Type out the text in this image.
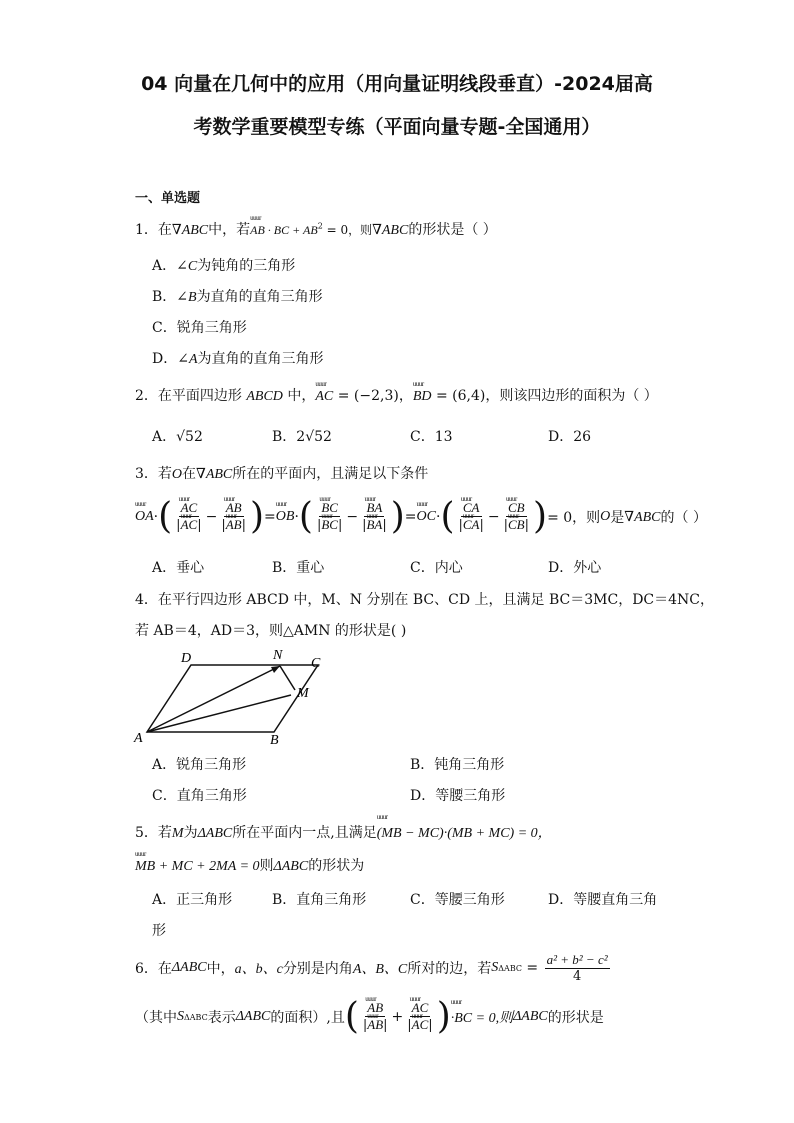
04 向量在几何中的应用（用向量证明线段垂直）-2024届高
考数学重要模型专练（平面向量专题-全国通用）
一、单选题
1．在∇ABC中，若uuur AB · BC + $AB^2 = 0$，则∇ABC的形状是（ ）
A．∠C为钝角的三角形
B．∠B为直角的直角三角形
C．锐角三角形
D．∠A为直角的直角三角形
2．在平面四边形 ABCD 中，uuur AC = (−2,3)，uuur BD = (6,4)，则该四边形的面积为（ ）
A．√52	B．2√52	C．13	D．26
3．若O在∇ABC所在的平面内，且满足以下条件
uuur OA · ( uuur $\frac{AC}{\text{|uuur AC|}}$ − uuur $\frac{AB}{\text{|uuur AB|}}$ ) = uuur OB · ( uuur $\frac{BC}{\text{|uuur BC|}}$ − uuur $\frac{BA}{\text{|uuur BA|}}$ ) = uuur OC · ( uuur $\frac{CA}{\text{|uuur CA|}}$ − uuur $\frac{CB}{\text{|uuur CB|}}$ ) = 0，则 O 是 ∇ABC 的（ ）
A．垂心	B．重心	C．内心	D．外心
4．在平行四边形 ABCD 中，M、N 分别在 BC、CD 上，且满足 BC＝3MC，DC＝4NC，
若 AB＝4，AD＝3，则△AMN 的形状是( )
A	B
C
D
M
N
A．锐角三角形	B．钝角三角形
C．直角三角形	D．等腰三角形
5．若M为ΔABC所在平面内一点,且满足uuur (MB − MC)·(MB + MC) = 0，
uuur MB + MC + 2MA = 0则ΔABC的形状为
A．正三角形	B．直角三角形	C．等腰三角形	D．等腰直角三角
形
6．在 ΔABC 中， a、b、c 分别是内角 A、B、C 所对的边，若 S $\Delta ABC = \frac{\text{a² + b² − c²}}{4}$
（其中 S ΔABC 表示 ΔABC 的面积）,且 ( uuur $\frac{AB}{\text{|uuur AB|}}$ + uuur $\frac{AC}{\text{|uuur AC|}}$ ) uuur ·BC = 0,则 ΔABC 的形状是
